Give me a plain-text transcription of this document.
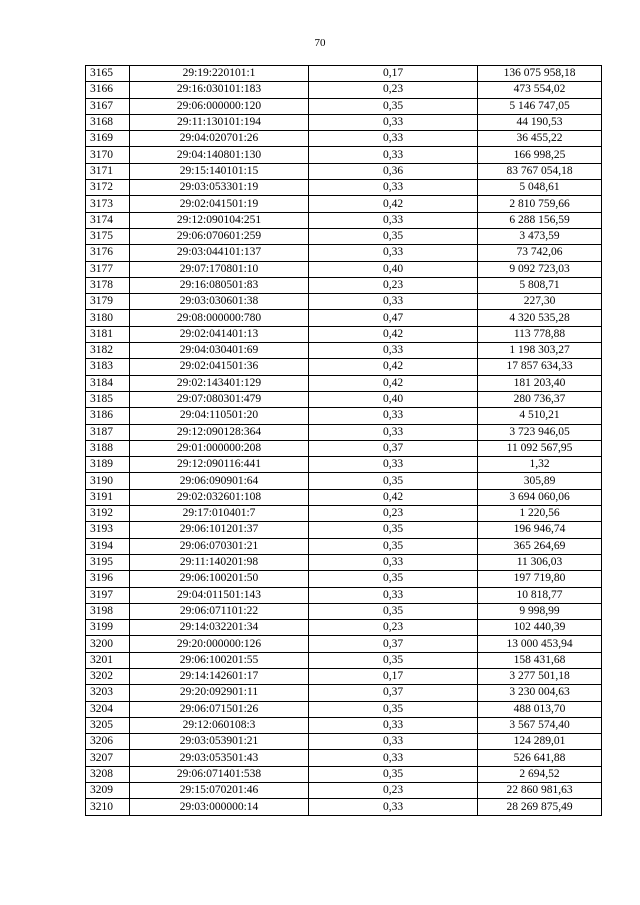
70
3165	29:19:220101:1	0,17	136 075 958,18
3166	29:16:030101:183	0,23	473 554,02
3167	29:06:000000:120	0,35	5 146 747,05
3168	29:11:130101:194	0,33	44 190,53
3169	29:04:020701:26	0,33	36 455,22
3170	29:04:140801:130	0,33	166 998,25
3171	29:15:140101:15	0,36	83 767 054,18
3172	29:03:053301:19	0,33	5 048,61
3173	29:02:041501:19	0,42	2 810 759,66
3174	29:12:090104:251	0,33	6 288 156,59
3175	29:06:070601:259	0,35	3 473,59
3176	29:03:044101:137	0,33	73 742,06
3177	29:07:170801:10	0,40	9 092 723,03
3178	29:16:080501:83	0,23	5 808,71
3179	29:03:030601:38	0,33	227,30
3180	29:08:000000:780	0,47	4 320 535,28
3181	29:02:041401:13	0,42	113 778,88
3182	29:04:030401:69	0,33	1 198 303,27
3183	29:02:041501:36	0,42	17 857 634,33
3184	29:02:143401:129	0,42	181 203,40
3185	29:07:080301:479	0,40	280 736,37
3186	29:04:110501:20	0,33	4 510,21
3187	29:12:090128:364	0,33	3 723 946,05
3188	29:01:000000:208	0,37	11 092 567,95
3189	29:12:090116:441	0,33	1,32
3190	29:06:090901:64	0,35	305,89
3191	29:02:032601:108	0,42	3 694 060,06
3192	29:17:010401:7	0,23	1 220,56
3193	29:06:101201:37	0,35	196 946,74
3194	29:06:070301:21	0,35	365 264,69
3195	29:11:140201:98	0,33	11 306,03
3196	29:06:100201:50	0,35	197 719,80
3197	29:04:011501:143	0,33	10 818,77
3198	29:06:071101:22	0,35	9 998,99
3199	29:14:032201:34	0,23	102 440,39
3200	29:20:000000:126	0,37	13 000 453,94
3201	29:06:100201:55	0,35	158 431,68
3202	29:14:142601:17	0,17	3 277 501,18
3203	29:20:092901:11	0,37	3 230 004,63
3204	29:06:071501:26	0,35	488 013,70
3205	29:12:060108:3	0,33	3 567 574,40
3206	29:03:053901:21	0,33	124 289,01
3207	29:03:053501:43	0,33	526 641,88
3208	29:06:071401:538	0,35	2 694,52
3209	29:15:070201:46	0,23	22 860 981,63
3210	29:03:000000:14	0,33	28 269 875,49
